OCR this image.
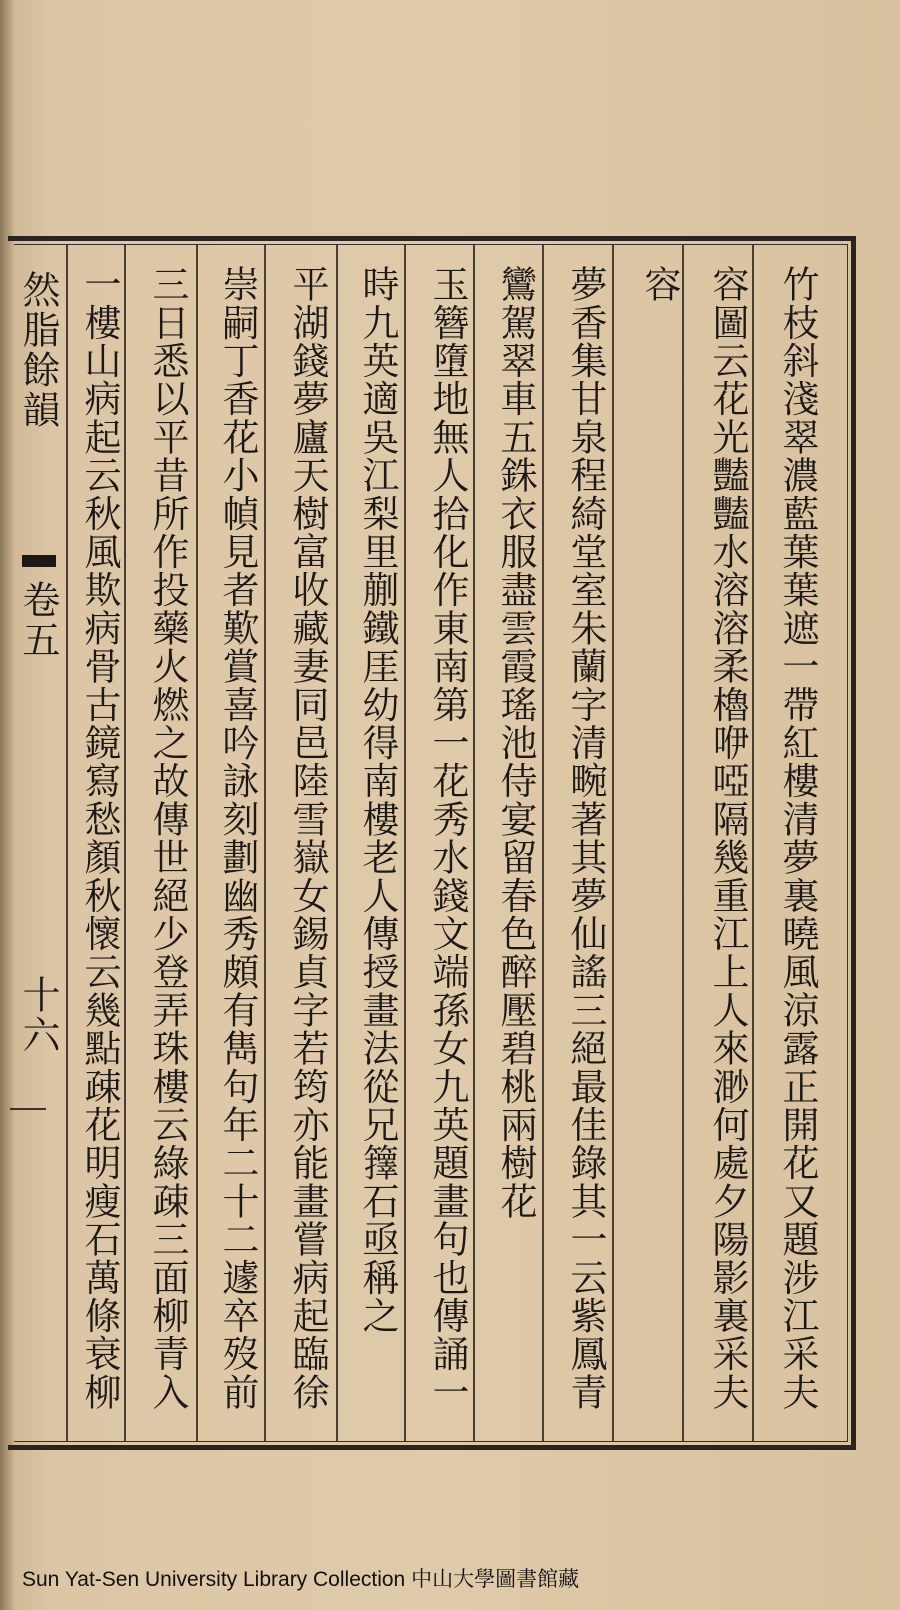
然脂餘韻
卷五
十六	竹枝斜淺翠濃藍葉葉遮一帶紅樓清夢裏曉風涼露正開花又題涉江采夫
容圖云花光豔豔水溶溶柔櫓咿啞隔幾重江上人來渺何處夕陽影裏采夫
容
夢香集甘泉程綺堂室朱蘭字清畹著其夢仙謠三絕最佳錄其一云紫鳳青
鸞駕翠車五銖衣服盡雲霞瑤池侍宴留春色醉壓碧桃兩樹花
玉簪墮地無人拾化作東南第一花秀水錢文端孫女九英題畫句也傳誦一
時九英適吳江梨里蒯鐵厓幼得南樓老人傳授畫法從兄籜石亟稱之
平湖錢夢廬天樹富收藏妻同邑陸雪嶽女錫貞字若筠亦能畫嘗病起臨徐
崇嗣丁香花小幀見者歎賞喜吟詠刻劃幽秀頗有雋句年二十二遽卒歿前
三日悉以平昔所作投藥火燃之故傳世絕少登弄珠樓云綠疎三面柳青入
一樓山病起云秋風欺病骨古鏡寫愁顏秋懷云幾點疎花明瘦石萬條衰柳
Sun Yat-Sen University Library Collection 中山大學圖書館藏
